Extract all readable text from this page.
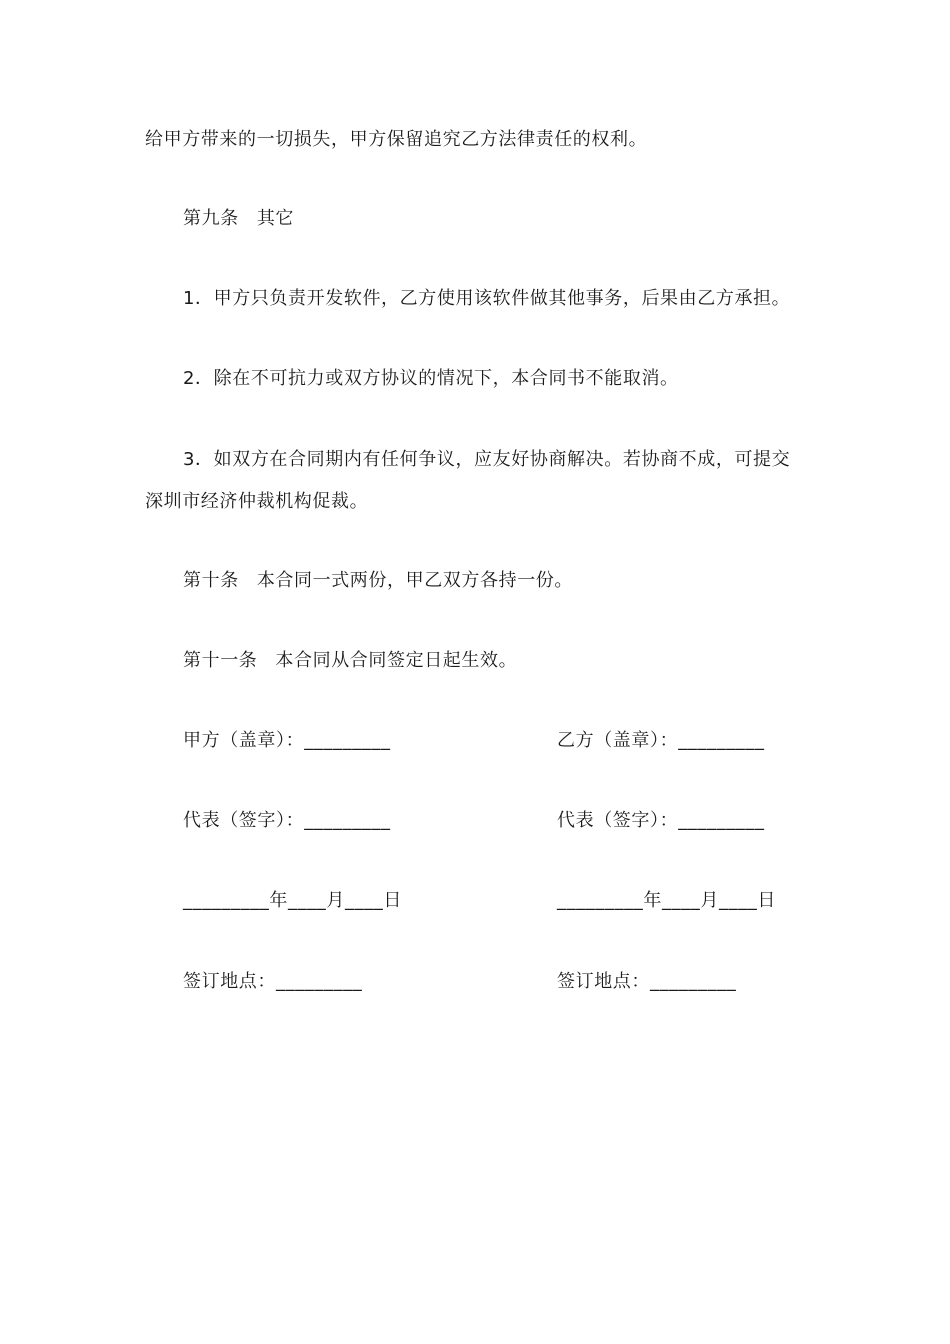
给甲方带来的一切损失，甲方保留追究乙方法律责任的权利。
第九条 其它
1．甲方只负责开发软件，乙方使用该软件做其他事务，后果由乙方承担。
2．除在不可抗力或双方协议的情况下，本合同书不能取消。
3．如双方在合同期内有任何争议，应友好协商解决。若协商不成，可提交
深圳市经济仲裁机构促裁。
第十条 本合同一式两份，甲乙双方各持一份。
第十一条 本合同从合同签定日起生效。
甲方（盖章）：_________
代表（签字）：_________
_________年____月____日
签订地点：_________
乙方（盖章）：_________
代表（签字）：_________
_________年____月____日
签订地点：_________
